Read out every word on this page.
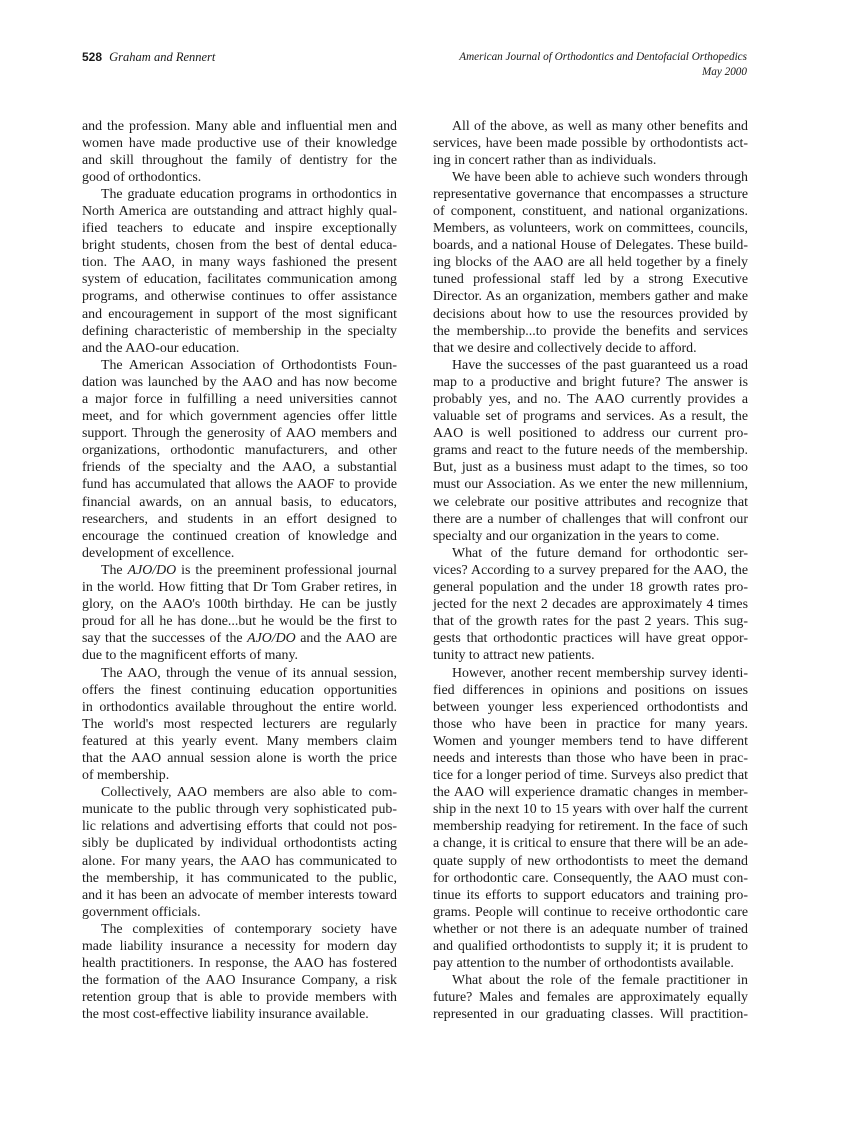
528 Graham and Rennert	American Journal of Orthodontics and Dentofacial Orthopedics
May 2000
and the profession. Many able and influential men and
women have made productive use of their knowledge
and skill throughout the family of dentistry for the
good of orthodontics.
The graduate education programs in orthodontics in
North America are outstanding and attract highly qual-
ified teachers to educate and inspire exceptionally
bright students, chosen from the best of dental educa-
tion. The AAO, in many ways fashioned the present
system of education, facilitates communication among
programs, and otherwise continues to offer assistance
and encouragement in support of the most significant
defining characteristic of membership in the specialty
and the AAO-our education.
The American Association of Orthodontists Foun-
dation was launched by the AAO and has now become
a major force in fulfilling a need universities cannot
meet, and for which government agencies offer little
support. Through the generosity of AAO members and
organizations, orthodontic manufacturers, and other
friends of the specialty and the AAO, a substantial
fund has accumulated that allows the AAOF to provide
financial awards, on an annual basis, to educators,
researchers, and students in an effort designed to
encourage the continued creation of knowledge and
development of excellence.
The AJO/DO is the preeminent professional journal
in the world. How fitting that Dr Tom Graber retires, in
glory, on the AAO's 100th birthday. He can be justly
proud for all he has done...but he would be the first to
say that the successes of the AJO/DO and the AAO are
due to the magnificent efforts of many.
The AAO, through the venue of its annual session,
offers the finest continuing education opportunities
in orthodontics available throughout the entire world.
The world's most respected lecturers are regularly
featured at this yearly event. Many members claim
that the AAO annual session alone is worth the price
of membership.
Collectively, AAO members are also able to com-
municate to the public through very sophisticated pub-
lic relations and advertising efforts that could not pos-
sibly be duplicated by individual orthodontists acting
alone. For many years, the AAO has communicated to
the membership, it has communicated to the public,
and it has been an advocate of member interests toward
government officials.
The complexities of contemporary society have
made liability insurance a necessity for modern day
health practitioners. In response, the AAO has fostered
the formation of the AAO Insurance Company, a risk
retention group that is able to provide members with
the most cost-effective liability insurance available.
All of the above, as well as many other benefits and
services, have been made possible by orthodontists act-
ing in concert rather than as individuals.
We have been able to achieve such wonders through
representative governance that encompasses a structure
of component, constituent, and national organizations.
Members, as volunteers, work on committees, councils,
boards, and a national House of Delegates. These build-
ing blocks of the AAO are all held together by a finely
tuned professional staff led by a strong Executive
Director. As an organization, members gather and make
decisions about how to use the resources provided by
the membership...to provide the benefits and services
that we desire and collectively decide to afford.
Have the successes of the past guaranteed us a road
map to a productive and bright future? The answer is
probably yes, and no. The AAO currently provides a
valuable set of programs and services. As a result, the
AAO is well positioned to address our current pro-
grams and react to the future needs of the membership.
But, just as a business must adapt to the times, so too
must our Association. As we enter the new millennium,
we celebrate our positive attributes and recognize that
there are a number of challenges that will confront our
specialty and our organization in the years to come.
What of the future demand for orthodontic ser-
vices? According to a survey prepared for the AAO, the
general population and the under 18 growth rates pro-
jected for the next 2 decades are approximately 4 times
that of the growth rates for the past 2 years. This sug-
gests that orthodontic practices will have great oppor-
tunity to attract new patients.
However, another recent membership survey identi-
fied differences in opinions and positions on issues
between younger less experienced orthodontists and
those who have been in practice for many years.
Women and younger members tend to have different
needs and interests than those who have been in prac-
tice for a longer period of time. Surveys also predict that
the AAO will experience dramatic changes in member-
ship in the next 10 to 15 years with over half the current
membership readying for retirement. In the face of such
a change, it is critical to ensure that there will be an ade-
quate supply of new orthodontists to meet the demand
for orthodontic care. Consequently, the AAO must con-
tinue its efforts to support educators and training pro-
grams. People will continue to receive orthodontic care
whether or not there is an adequate number of trained
and qualified orthodontists to supply it; it is prudent to
pay attention to the number of orthodontists available.
What about the role of the female practitioner in
future? Males and females are approximately equally
represented in our graduating classes. Will practition-
